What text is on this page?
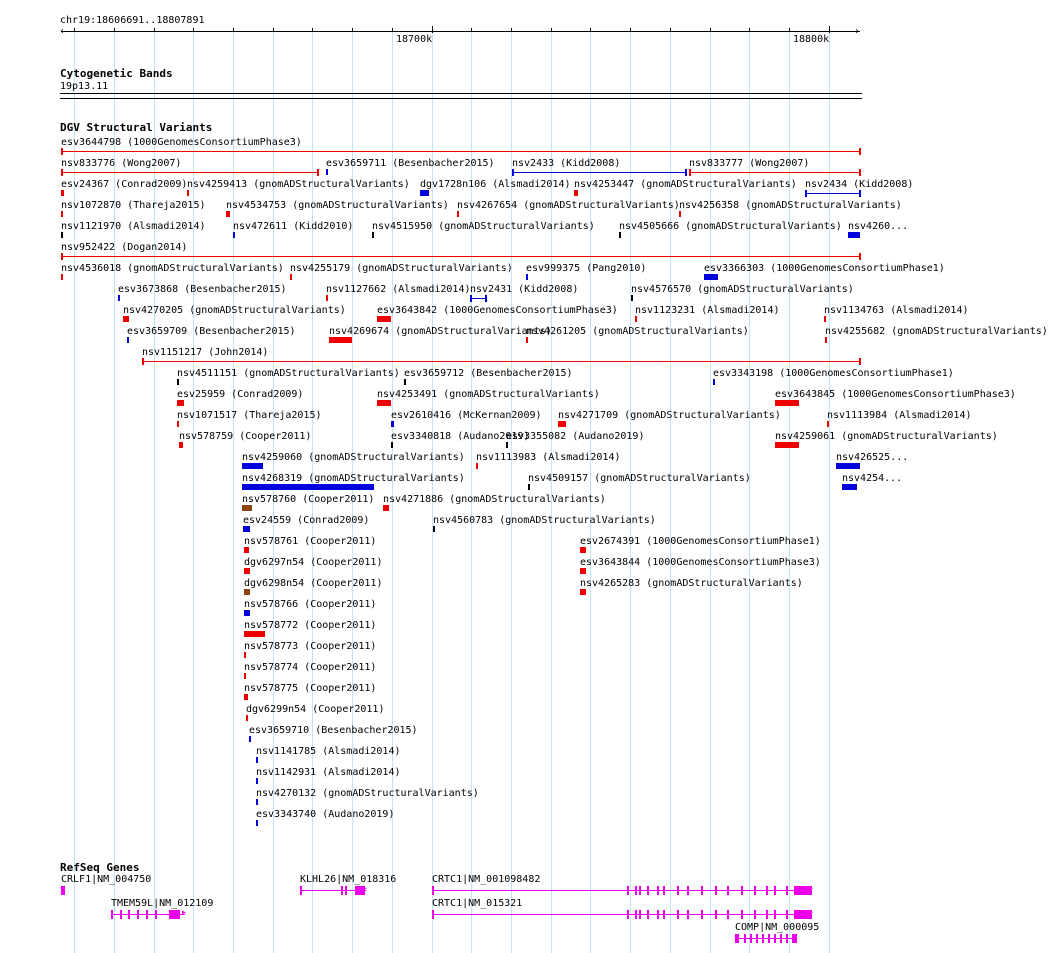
chr19:18606691..18807891
‹	›
18700k	18800k
Cytogenetic Bands
19p13.11
DGV Structural Variants
esv3644798 (1000GenomesConsortiumPhase3)
nsv833776 (Wong2007)	esv3659711 (Besenbacher2015) nsv2433 (Kidd2008)	nsv833777 (Wong2007)
esv24367 (Conrad2009) nsv4259413 (gnomADStructuralVariants) dgv1728n106 (Alsmadi2014) nsv4253447 (gnomADStructuralVariants) nsv2434 (Kidd2008)
nsv1072870 (Thareja2015) nsv4534753 (gnomADStructuralVariants) nsv4267654 (gnomADStructuralVariants) nsv4256358 (gnomADStructuralVariants)
nsv1121970 (Alsmadi2014)	nsv472611 (Kidd2010) nsv4515950 (gnomADStructuralVariants) nsv4505666 (gnomADStructuralVariants) nsv4260...
nsv952422 (Dogan2014)
nsv4536018 (gnomADStructuralVariants) nsv4255179 (gnomADStructuralVariants) esv999375 (Pang2010)	esv3366303 (1000GenomesConsortiumPhase1)
esv3673868 (Besenbacher2015)	nsv1127662 (Alsmadi2014) nsv2431 (Kidd2008)	nsv4576570 (gnomADStructuralVariants)
nsv4270205 (gnomADStructuralVariants)	esv3643842 (1000GenomesConsortiumPhase3) nsv1123231 (Alsmadi2014)	nsv1134763 (Alsmadi2014)
esv3659709 (Besenbacher2015)	nsv4269674 (gnomADStructuralVariants)
nsv4261205 (gnomADStructuralVariants)	nsv4255682 (gnomADStructuralVariants)
nsv1151217 (John2014)
nsv4511151 (gnomADStructuralVariants) esv3659712 (Besenbacher2015)	esv3343198 (1000GenomesConsortiumPhase1)
esv25959 (Conrad2009)	nsv4253491 (gnomADStructuralVariants)	esv3643845 (1000GenomesConsortiumPhase3)
nsv1071517 (Thareja2015)	esv2610416 (McKernan2009) nsv4271709 (gnomADStructuralVariants)	nsv1113984 (Alsmadi2014)
nsv578759 (Cooper2011)	esv3340818 (Audano2019)
esv3355082 (Audano2019)	nsv4259061 (gnomADStructuralVariants)
nsv4259060 (gnomADStructuralVariants) nsv1113983 (Alsmadi2014)	nsv426525...
nsv4268319 (gnomADStructuralVariants)	nsv4509157 (gnomADStructuralVariants)	nsv4254...
nsv578760 (Cooper2011) nsv4271886 (gnomADStructuralVariants)
esv24559 (Conrad2009)	nsv4560783 (gnomADStructuralVariants)
nsv578761 (Cooper2011)	esv2674391 (1000GenomesConsortiumPhase1)
dgv6297n54 (Cooper2011)	esv3643844 (1000GenomesConsortiumPhase3)
dgv6298n54 (Cooper2011)	nsv4265283 (gnomADStructuralVariants)
nsv578766 (Cooper2011)
nsv578772 (Cooper2011)
nsv578773 (Cooper2011)
nsv578774 (Cooper2011)
nsv578775 (Cooper2011)
dgv6299n54 (Cooper2011)
esv3659710 (Besenbacher2015)
nsv1141785 (Alsmadi2014)
nsv1142931 (Alsmadi2014)
nsv4270132 (gnomADStructuralVariants)
esv3343740 (Audano2019)
RefSeq Genes
CRLF1|NM_004750
◂
KLHL26|NM_018316
▸
CRTC1|NM_001098482
▸
TMEM59L|NM_012109
▸
CRTC1|NM_015321
▸
COMP|NM_000095
◂
